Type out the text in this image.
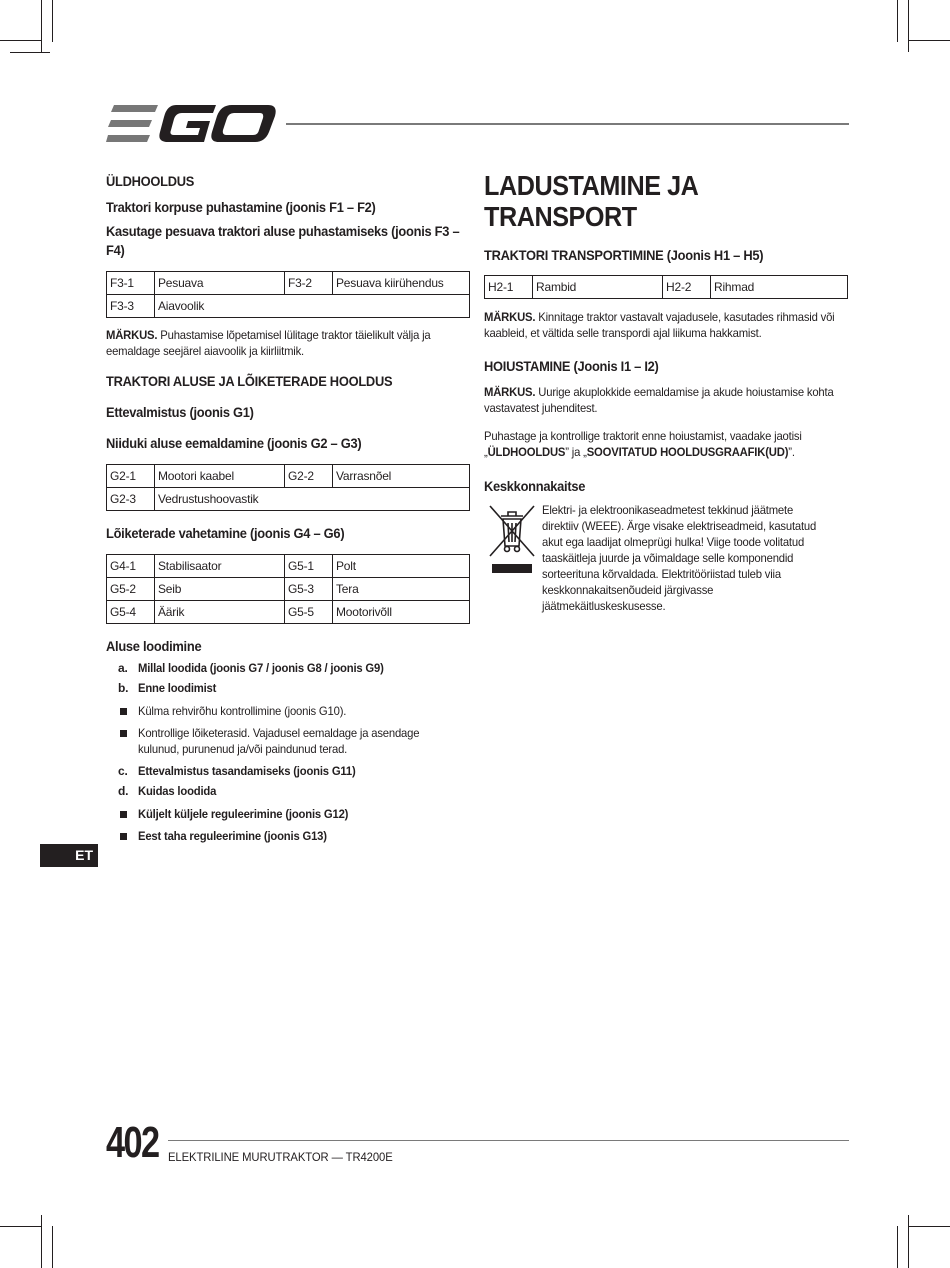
ÜLDHOOLDUS
Traktori korpuse puhastamine (joonis F1 – F2)
Kasutage pesuava traktori aluse puhastamiseks (joonis F3 – F4)
F3-1	Pesuava	F3-2	Pesuava kiirühendus
F3-3	Aiavoolik		
MÄRKUS. Puhastamise lõpetamisel lülitage traktor täielikult välja ja eemaldage seejärel aiavoolik ja kiirliitmik.
TRAKTORI ALUSE JA LÕIKETERADE HOOLDUS
Ettevalmistus (joonis G1)
Niiduki aluse eemaldamine (joonis G2 – G3)
G2-1	Mootori kaabel	G2-2	Varrasnõel
G2-3	Vedrustushoovastik		
Lõiketerade vahetamine (joonis G4 – G6)
G4-1	Stabilisaator	G5-1	Polt
G5-2	Seib	G5-3	Tera
G5-4	Äärik	G5-5	Mootorivõll
Aluse loodimine
a. Millal loodida (joonis G7 / joonis G8 / joonis G9)
b. Enne loodimist
Külma rehvirõhu kontrollimine (joonis G10).
Kontrollige lõiketerasid. Vajadusel eemaldage ja asendage kulunud, purunenud ja/või paindunud terad.
c. Ettevalmistus tasandamiseks (joonis G11)
d. Kuidas loodida
Küljelt küljele reguleerimine (joonis G12)
Eest taha reguleerimine (joonis G13)
LADUSTAMINE JA TRANSPORT
TRAKTORI TRANSPORTIMINE (Joonis H1 – H5)
H2-1	Rambid	H2-2	Rihmad
MÄRKUS. Kinnitage traktor vastavalt vajadusele, kasutades rihmasid või kaableid, et vältida selle transpordi ajal liikuma hakkamist.
HOIUSTAMINE (Joonis I1 – I2)
MÄRKUS. Uurige akuplokkide eemaldamise ja akude hoiustamise kohta vastavatest juhenditest.
Puhastage ja kontrollige traktorit enne hoiustamist, vaadake jaotisi „ÜLDHOOLDUS” ja „SOOVITATUD HOOLDUSGRAAFIK(UD)”.
Keskkonnakaitse
Elektri- ja elektroonikaseadmetest tekkinud jäätmete direktiiv (WEEE). Ärge visake elektriseadmeid, kasutatud akut ega laadijat olmeprügi hulka! Viige toode volitatud taaskäitleja juurde ja võimaldage selle komponendid sorteerituna kõrvaldada. Elektritööriistad tuleb viia keskkonnakaitsenõudeid järgivasse jäätmekäitluskeskusesse.
ET
402 ELEKTRILINE MURUTRAKTOR — TR4200E
